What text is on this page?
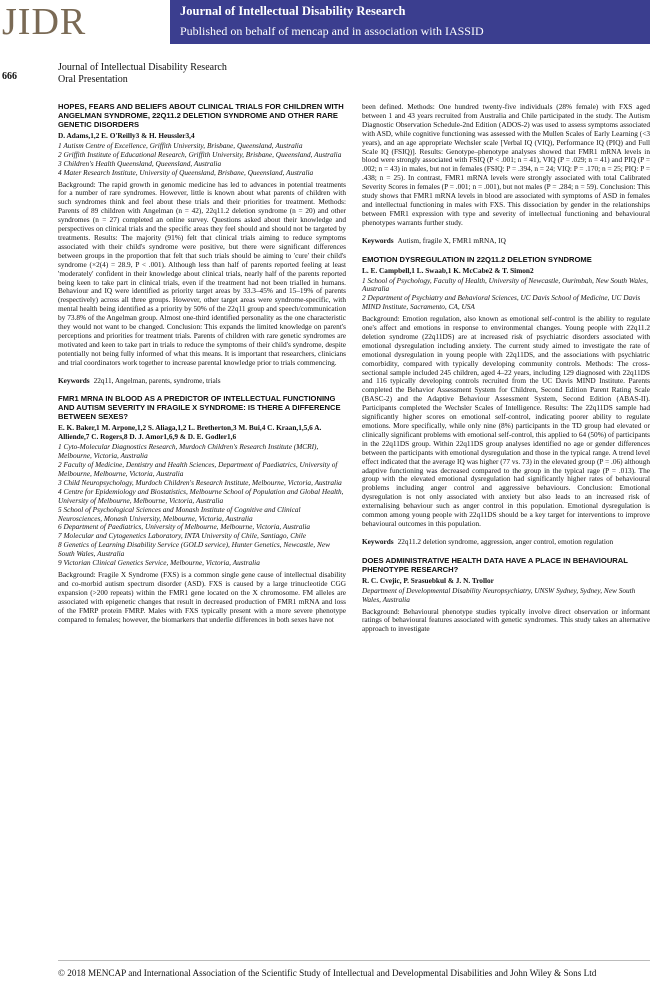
JIDR	Journal of Intellectual Disability Research
Published on behalf of mencap and in association with IASSID
666
Journal of Intellectual Disability Research
Oral Presentation
HOPES, FEARS AND BELIEFS ABOUT CLINICAL TRIALS FOR CHILDREN WITH ANGELMAN SYNDROME, 22Q11.2 DELETION SYNDROME AND OTHER RARE GENETIC DISORDERS
D. Adams,1,2 E. O'Reilly3 & H. Heussler3,4

1 Autism Centre of Excellence, Griffith University, Brisbane, Queensland, Australia

2 Griffith Institute of Educational Research, Griffith University, Brisbane, Queensland, Australia

3 Children's Health Queensland, Queensland, Australia

4 Mater Research Institute, University of Queensland, Brisbane, Queensland, Australia

Background: The rapid growth in genomic medicine has led to advances in potential treatments for a number of rare syndromes. However, little is known about what parents of children with such syndromes think and feel about these trials and their priorities for treatment. Methods: Parents of 89 children with Angelman (n = 42), 22q11.2 deletion syndrome (n = 20) and other syndromes (n = 27) completed an online survey. Questions asked about their knowledge and perspectives on clinical trials and the specific areas they feel should and should not be targeted by treatments. Results: The majority (91%) felt that clinical trials aiming to reduce symptoms associated with their child's syndrome were positive, but there were significant differences between groups in the proportion that felt that such trials should be aiming to 'cure' their child's syndrome (×2(4) = 28.9, P < .001). Although less than half of parents reported feeling at least 'moderately' confident in their knowledge about clinical trials, nearly half of the parents reported being keen to take part in clinical trials, even if the treatment had not been trialled in humans. Behaviour and IQ were identified as priority target areas by 33.3–45% and 15–19% of parents (respectively) across all three groups. However, other target areas were syndrome-specific, with mental health being identified as a priority by 50% of the 22q11 group and speech/communication by 73.8% of the Angelman group. Almost one-third identified personality as the one characteristic they would not want to be changed. Conclusion: This expands the limited knowledge on parent's perceptions and priorities for treatment trials. Parents of children with rare genetic syndromes are motivated and keen to take part in trials to reduce the symptoms of their child's syndrome, despite potentially not being fully informed of what this means. It is important that researchers, clinicians and trial coordinators work together to increase parental knowledge prior to trials commencing.

Keywords 22q11, Angelman, parents, syndrome, trials

FMR1 MRNA IN BLOOD AS A PREDICTOR OF INTELLECTUAL FUNCTIONING AND AUTISM SEVERITY IN FRAGILE X SYNDROME: IS THERE A DIFFERENCE BETWEEN SEXES?
E. K. Baker,1 M. Arpone,1,2 S. Aliaga,1,2 L. Bretherton,3 M. Bui,4 C. Kraan,1,5,6 A. Alliende,7 C. Rogers,8 D. J. Amor1,6,9 & D. E. Godler1,6

1 Cyto-Molecular Diagnostics Research, Murdoch Children's Research Institute (MCRI), Melbourne, Victoria, Australia

2 Faculty of Medicine, Dentistry and Health Sciences, Department of Paediatrics, University of Melbourne, Melbourne, Victoria, Australia

3 Child Neuropsychology, Murdoch Children's Research Institute, Melbourne, Victoria, Australia

4 Centre for Epidemiology and Biostatistics, Melbourne School of Population and Global Health, University of Melbourne, Melbourne, Victoria, Australia

5 School of Psychological Sciences and Monash Institute of Cognitive and Clinical Neurosciences, Monash University, Melbourne, Victoria, Australia

6 Department of Paediatrics, University of Melbourne, Melbourne, Victoria, Australia

7 Molecular and Cytogenetics Laboratory, INTA University of Chile, Santiago, Chile

8 Genetics of Learning Disability Service (GOLD service), Hunter Genetics, Newcastle, New South Wales, Australia

9 Victorian Clinical Genetics Service, Melbourne, Victoria, Australia

Background: Fragile X Syndrome (FXS) is a common single gene cause of intellectual disability and co-morbid autism spectrum disorder (ASD). FXS is caused by a large trinucleotide CGG expansion (>200 repeats) within the FMR1 gene located on the X chromosome. FM alleles are associated with epigenetic changes that result in decreased production of FMR1 mRNA and loss of the FMRP protein FMRP. Males with FXS typically present with a more severe phenotype compared to females; however, the biomarkers that underlie differences in both sexes have not

been defined. Methods: One hundred twenty-five individuals (28% female) with FXS aged between 1 and 43 years recruited from Australia and Chile participated in the study. The Autism Diagnostic Observation Schedule-2nd Edition (ADOS-2) was used to assess symptoms associated with ASD, while cognitive functioning was assessed with the Mullen Scales of Early Learning (<3 years), and an age appropriate Wechsler scale [Verbal IQ (VIQ), Performance IQ (PIQ) and Full Scale IQ (FSIQ)]. Results: Genotype–phenotype analyses showed that FMR1 mRNA levels in blood were strongly associated with FSIQ (P < .001; n = 41), VIQ (P = .029; n = 41) and PIQ (P = .002; n = 43) in males, but not in females (FSIQ: P = .394, n = 24; VIQ: P = .170; n = 25; PIQ: P = .438; n = 25). In contrast, FMR1 mRNA levels were strongly associated with total Calibrated Severity Scores in females (P = .001; n = .001), but not males (P = .284; n = 59). Conclusion: This study shows that FMR1 mRNA levels in blood are associated with symptoms of ASD in females and intellectual functioning in males with FXS. This dissociation by gender in the relationships between FMR1 expression with type and severity of intellectual functioning and behavioural phenotypes warrants further study.

Keywords Autism, fragile X, FMR1 mRNA, IQ

EMOTION DYSREGULATION IN 22Q11.2 DELETION SYNDROME
L. E. Campbell,1 L. Swaab,1 K. McCabe2 & T. Simon2

1 School of Psychology, Faculty of Health, University of Newcastle, Ourimbah, New South Wales, Australia

2 Department of Psychiatry and Behavioral Sciences, UC Davis School of Medicine, UC Davis MIND Institute, Sacramento, CA, USA

Background: Emotion regulation, also known as emotional self-control is the ability to regulate one's affect and emotions in response to environmental changes. Young people with 22q11.2 deletion syndrome (22q11DS) are at increased risk of psychiatric disorders associated with emotional dysregulation including anxiety. The current study aimed to investigate the rate of emotional dysregulation in young people with 22q11DS, and the associations with psychiatric comorbidity, compared with typically developing community controls. Methods: The cross-sectional sample included 245 children, aged 4–22 years, including 129 diagnosed with 22q11DS and 116 typically developing controls recruited from the UC Davis MIND Institute. Parents completed the Behavior Assessment System for Children, Second Edition Parent Rating Scale (BASC-2) and the Adaptive Behaviour Assessment System, Second Edition (ABAS-II). Participants completed the Wechsler Scales of Intelligence. Results: The 22q11DS sample had significantly higher scores on emotional self-control, indicating poorer ability to regulate emotions. More specifically, while only nine (8%) participants in the TD group had elevated or clinically significant problems with emotional self-control, this applied to 64 (50%) of participants in the 22q11DS group. Within 22q11DS group analyses identified no age or gender differences between the participants with emotional dysregulation and those in the typical range. A trend level effect indicated that the average IQ was higher (77 vs. 73) in the elevated group (P = .06) although adaptive functioning was decreased compared to the group in the typical rage (P = .013). The group with the elevated emotional dysregulation had significantly higher rates of behavioural problems including anger control and aggressive behaviours. Conclusion: Emotional dysregulation is not only associated with anxiety but also leads to an increased risk of externalising behaviour such as anger control in this population. Emotional dysregulation is common among young people with 22q11DS should be a key target for interventions to improve behavioural outcomes in this population.

Keywords 22q11.2 deletion syndrome, aggression, anger control, emotion regulation

DOES ADMINISTRATIVE HEALTH DATA HAVE A PLACE IN BEHAVIOURAL PHENOTYPE RESEARCH?
R. C. Cvejic, P. Srasuebkul & J. N. Trollor

Department of Developmental Disability Neuropsychiatry, UNSW Sydney, Sydney, New South Wales, Australia

Background: Behavioural phenotype studies typically involve direct observation or informant ratings of behavioural features associated with genetic syndromes. This study takes an alternative approach to investigate

© 2018 MENCAP and International Association of the Scientific Study of Intellectual and Developmental Disabilities and John Wiley & Sons Ltd
